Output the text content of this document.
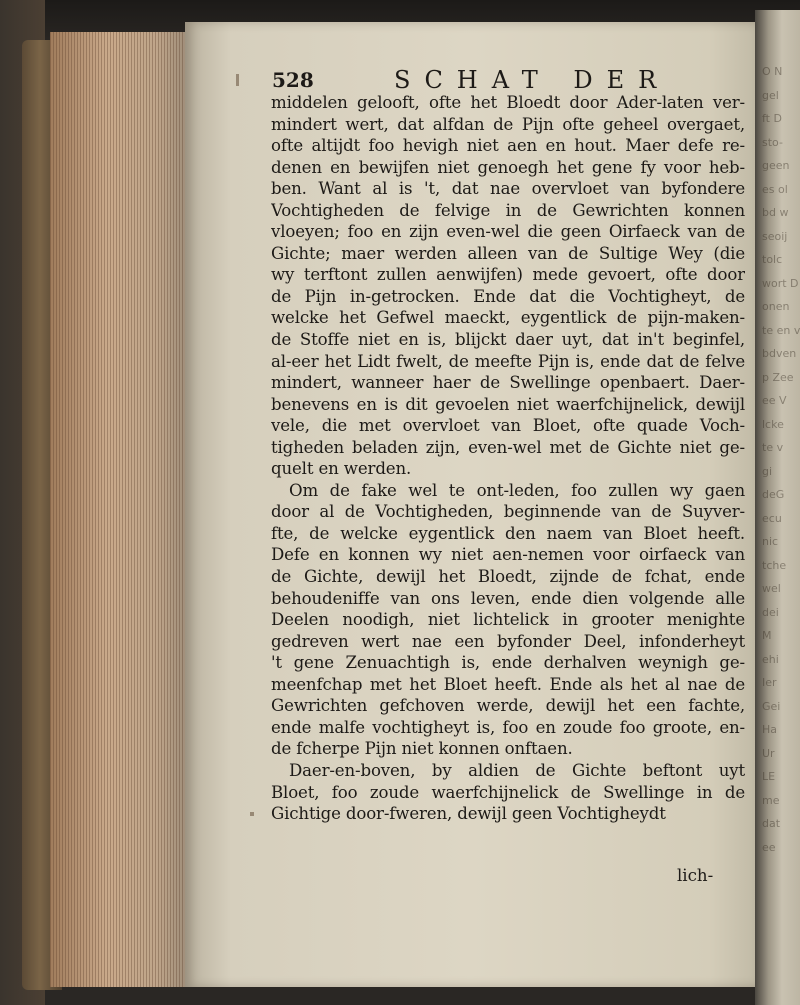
O N
gel
ft D
sto-
geen
es ol
bd w
seoij
tolc
wort D
onen
te en v
bdven
p Zee
ee V
lcke
te v
gi
deG
ecu
nic
tche
wel
dei
M
ehi
Ier
Gei
Ha
Ur
LE
me
dat
ee
528	SCHAT DER
middelen gelooft, ofte het Bloedt door Ader-laten ver-
mindert wert, dat alfdan de Pijn ofte geheel overgaet,
ofte altijdt foo hevigh niet aen en hout. Maer defe re-
denen en bewijfen niet genoegh het gene fy voor heb-
ben. Want al is 't, dat nae overvloet van byfondere
Vochtigheden de felvige in de Gewrichten konnen
vloeyen; foo en zijn even-wel die geen Oirfaeck van de
Gichte; maer werden alleen van de Sultige Wey (die
wy terftont zullen aenwijfen) mede gevoert, ofte door
de Pijn in-getrocken. Ende dat die Vochtigheyt, de
welcke het Gefwel maeckt, eygentlick de pijn-maken-
de Stoffe niet en is, blijckt daer uyt, dat in't beginfel,
al-eer het Lidt fwelt, de meefte Pijn is, ende dat de felve
mindert, wanneer haer de Swellinge openbaert. Daer-
benevens en is dit gevoelen niet waerfchijnelick, dewijl
vele, die met overvloet van Bloet, ofte quade Voch-
tigheden beladen zijn, even-wel met de Gichte niet ge-
quelt en werden.
Om de fake wel te ont-leden, foo zullen wy gaen
door al de Vochtigheden, beginnende van de Suyver-
fte, de welcke eygentlick den naem van Bloet heeft.
Defe en konnen wy niet aen-nemen voor oirfaeck van
de Gichte, dewijl het Bloedt, zijnde de fchat, ende
behoudeniffe van ons leven, ende dien volgende alle
Deelen noodigh, niet lichtelick in grooter menighte
gedreven wert nae een byfonder Deel, infonderheyt
't gene Zenuachtigh is, ende derhalven weynigh ge-
meenfchap met het Bloet heeft. Ende als het al nae de
Gewrichten gefchoven werde, dewijl het een fachte,
ende malfe vochtigheyt is, foo en zoude foo groote, en-
de fcherpe Pijn niet konnen onftaen.
Daer-en-boven, by aldien de Gichte beftont uyt
Bloet, foo zoude waerfchijnelick de Swellinge in de
Gichtige door-fweren, dewijl geen Vochtigheydt
lich-
